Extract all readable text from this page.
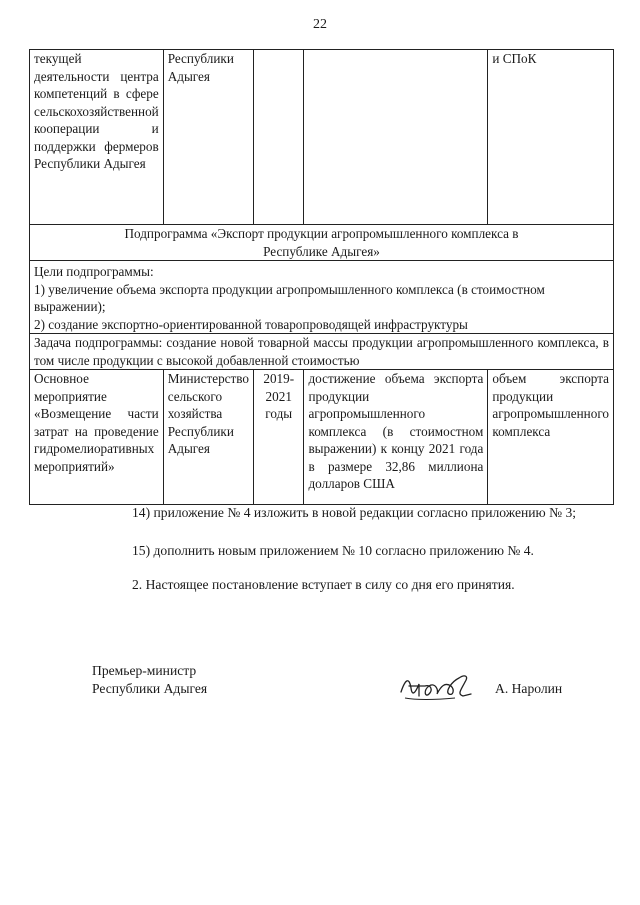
22
текущей деятельности центра компетенций в сфере сельскохозяйственной кооперации и поддержки фермеров Республики Адыгея	Республики Адыгея			и СПоК
Подпрограмма «Экспорт продукции агропромышленного комплекса в Республике Адыгея»				

Цели подпрограммы:
1) увеличение объема экспорта продукции агропромышленного комплекса (в стоимостном выражении);
2) создание экспортно-ориентированной товаропроводящей инфраструктуры				

Задача подпрограммы: создание новой товарной массы продукции агропромышленного комплекса, в том числе продукции с высокой добавленной стоимостью				
Основное мероприятие «Возмещение части затрат на проведение гидромелиоративных мероприятий»	Министерство сельского хозяйства Республики Адыгея	2019-2021 годы	достижение объема экспорта продукции агропромышленного комплекса (в стоимостном выражении) к концу 2021 года в размере 32,86 миллиона долларов США	объем экспорта продукции агропромышленного комплекса
14) приложение № 4 изложить в новой редакции согласно приложению № 3;
15) дополнить новым приложением № 10 согласно приложению № 4.
2. Настоящее постановление вступает в силу со дня его принятия.
Премьер-министр
Республики Адыгея	А. Наролин
